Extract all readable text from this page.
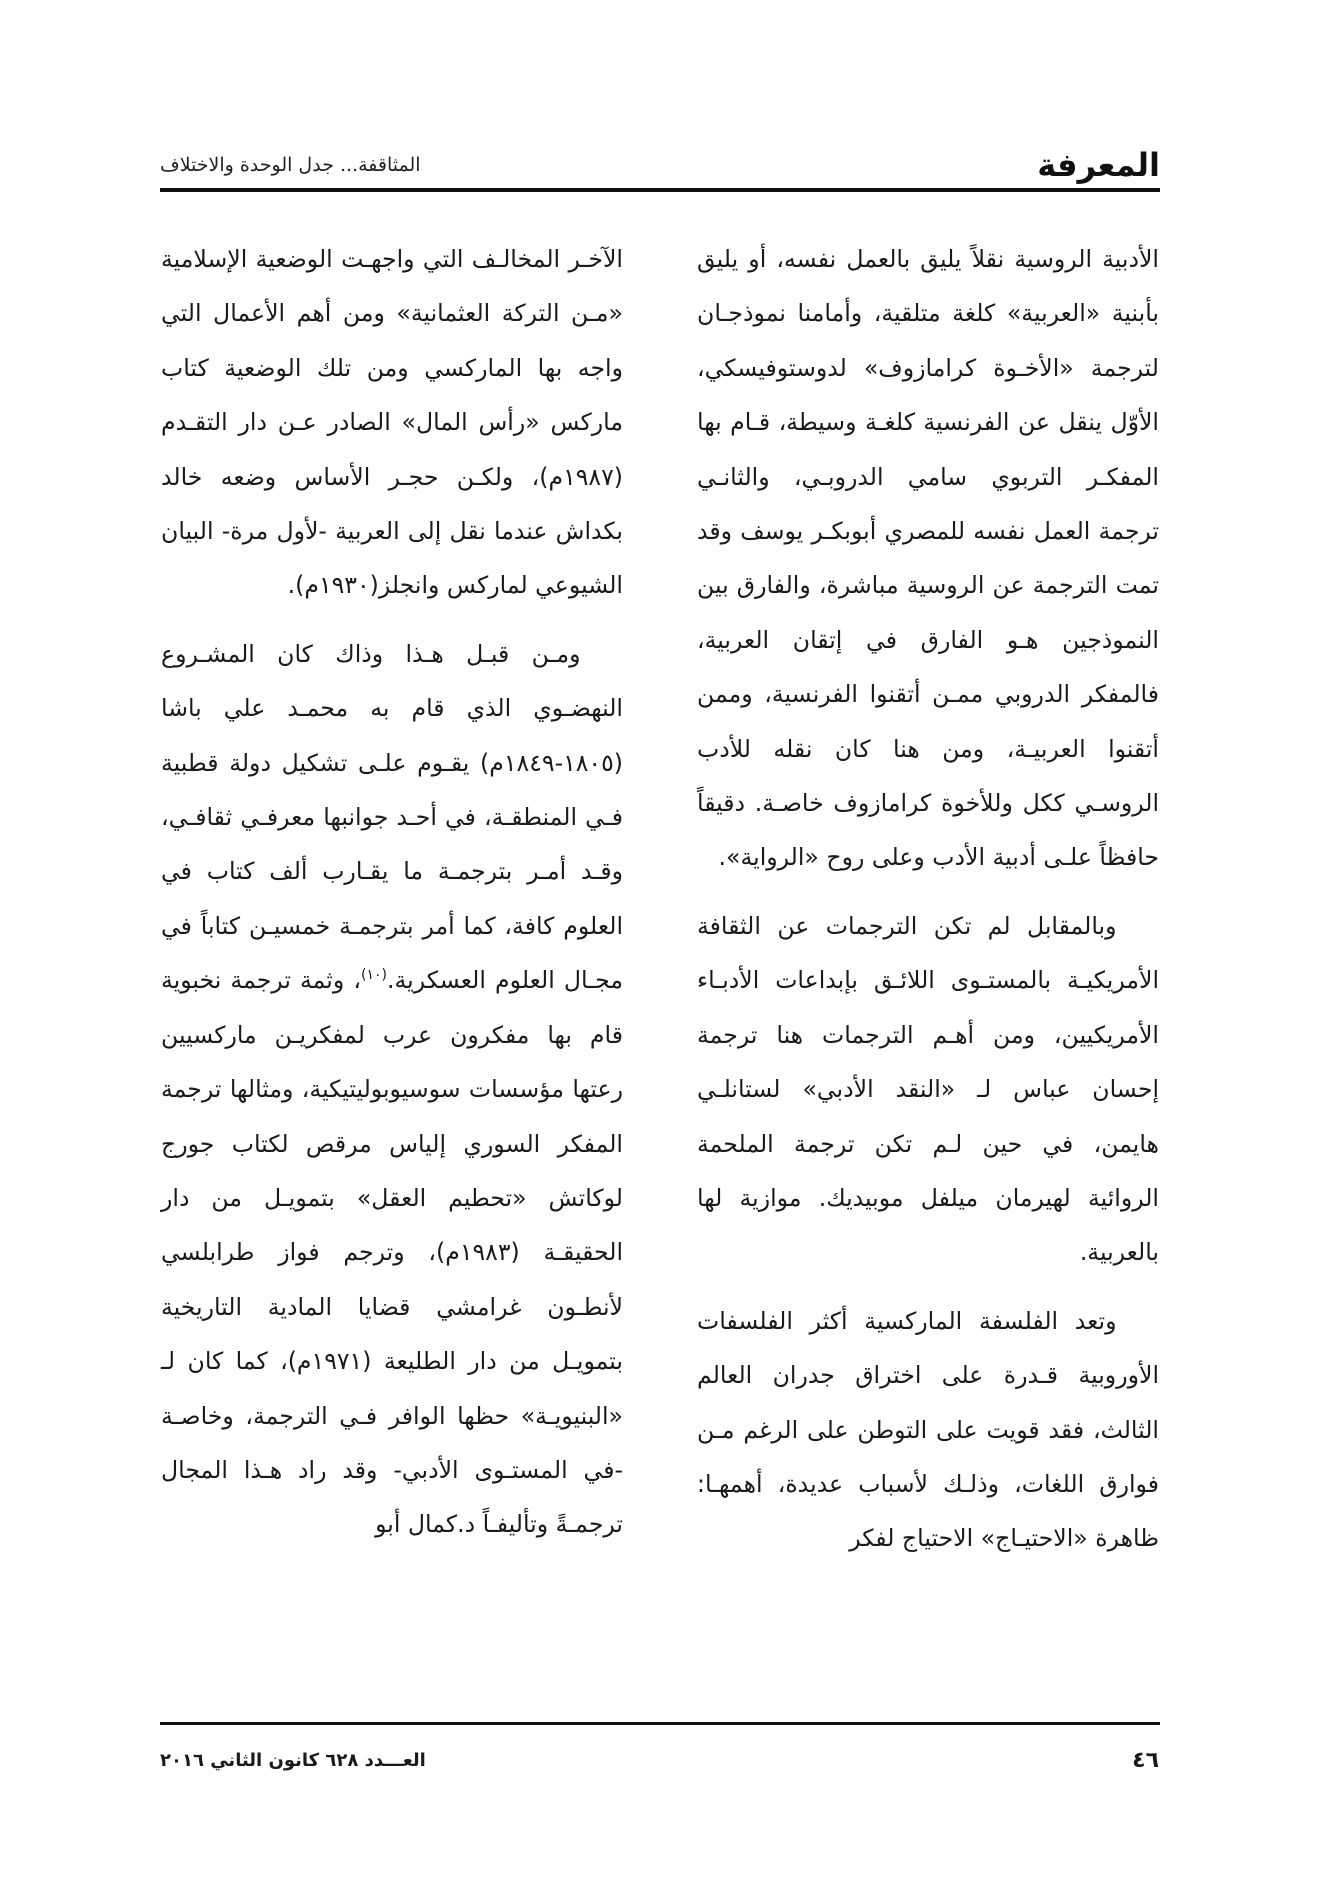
المعرفة
المثاقفة... جدل الوحدة والاختلاف

الأدبية الروسية نقلاً يليق بالعمل نفسه، أو يليق بأبنية «العربية» كلغة متلقية، وأمامنا نموذجـان لترجمة «الأخـوة كرامازوف» لدوستوفيسكي، الأوّل ينقل عن الفرنسية كلغـة وسيطة، قـام بها المفكـر التربوي سامي الدروبـي، والثانـي ترجمة العمل نفسه للمصري أبوبكـر يوسف وقد تمت الترجمة عن الروسية مباشرة، والفارق بين النموذجين هـو الفارق في إتقان العربية، فالمفكر الدروبي ممـن أتقنوا الفرنسية، وممن أتقنوا العربيـة، ومن هنا كان نقله للأدب الروسـي ككل وللأخوة كرامازوف خاصـة. دقيقاً حافظاً علـى أدبية الأدب وعلى روح «الرواية».

وبالمقابل لم تكن الترجمات عن الثقافة الأمريكيـة بالمستـوى اللائـق بإبداعات الأدبـاء الأمريكيين، ومن أهـم الترجمات هنا ترجمة إحسان عباس لـ «النقد الأدبي» لستانلـي هايمن، في حين لـم تكن ترجمة الملحمة الروائية لهيرمان ميلفل موبيديك. موازية لها بالعربية.

وتعد الفلسفة الماركسية أكثر الفلسفات الأوروبية قـدرة على اختراق جدران العالم الثالث، فقد قويت على التوطن على الرغم مـن فوارق اللغات، وذلـك لأسباب عديدة، أهمهـا: ظاهرة «الاحتيـاج» الاحتياج لفكر

الآخـر المخالـف التي واجهـت الوضعية الإسلامية «مـن التركة العثمانية» ومن أهم الأعمال التي واجه بها الماركسي ومن تلك الوضعية كتاب ماركس «رأس المال» الصادر عـن دار التقـدم (١٩٨٧م)، ولكـن حجـر الأساس وضعه خالد بكداش عندما نقل إلى العربية -لأول مرة- البيان الشيوعي لماركس وانجلز(١٩٣٠م).

ومـن قبـل هـذا وذاك كان المشـروع النهضـوي الذي قام به محمـد علي باشا (١٨٠٥-١٨٤٩م) يقـوم علـى تشكيل دولة قطبية فـي المنطقـة، في أحـد جوانبها معرفـي ثقافـي، وقـد أمـر بترجمـة ما يقـارب ألف كتاب في العلوم كافة، كما أمر بترجمـة خمسيـن كتاباً في مجـال العلوم العسكرية.$^{(١٠)}$، وثمة ترجمة نخبوية قام بها مفكرون عرب لمفكريـن ماركسيين رعتها مؤسسات سوسيوبوليتيكية، ومثالها ترجمة المفكر السوري إلياس مرقص لكتاب جورج لوكاتش «تحطيم العقل» بتمويـل من دار الحقيقـة (١٩٨٣م)، وترجم فواز طرابلسي لأنطـون غرامشي قضايا المادية التاريخية بتمويـل من دار الطليعة (١٩٧١م)، كما كان لـ «البنيويـة» حظها الوافر فـي الترجمة، وخاصـة -في المستـوى الأدبي- وقد راد هـذا المجال ترجمـةً وتأليفـاً د.كمال أبو

٤٦
العـــدد ٦٢٨ كانون الثاني ٢٠١٦
